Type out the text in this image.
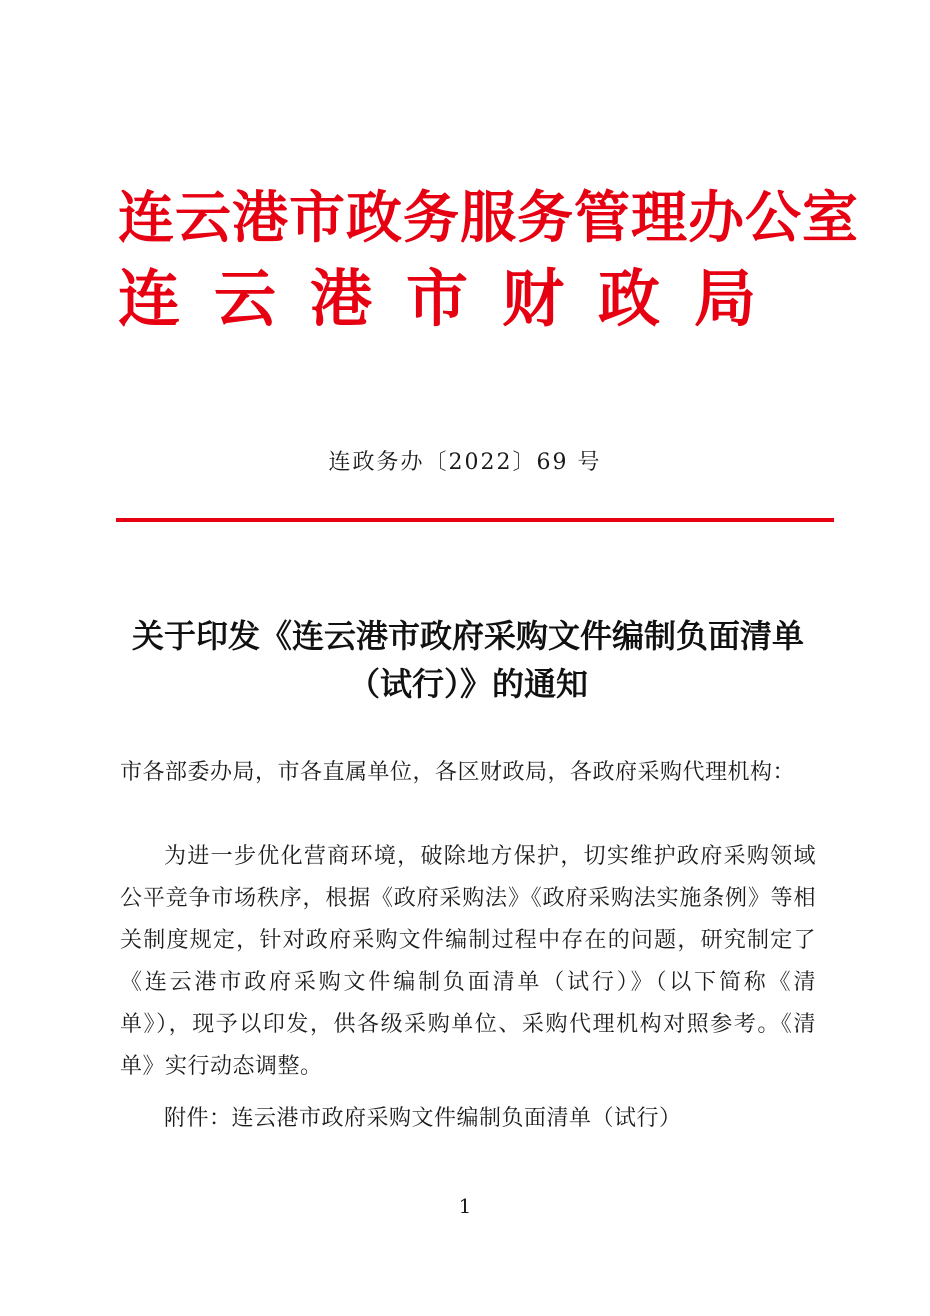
连云港市政务服务管理办公室
连云港市财政局
连政务办〔2022〕69 号
关于印发《连云港市政府采购文件编制负面清单（试行）》的通知
市各部委办局，市各直属单位，各区财政局，各政府采购代理机构：
为进一步优化营商环境，破除地方保护，切实维护政府采购领域公平竞争市场秩序，根据《政府采购法》《政府采购法实施条例》等相关制度规定，针对政府采购文件编制过程中存在的问题，研究制定了《连云港市政府采购文件编制负面清单（试行）》（以下简称《清单》），现予以印发，供各级采购单位、采购代理机构对照参考。《清单》实行动态调整。
附件：连云港市政府采购文件编制负面清单（试行）
1
